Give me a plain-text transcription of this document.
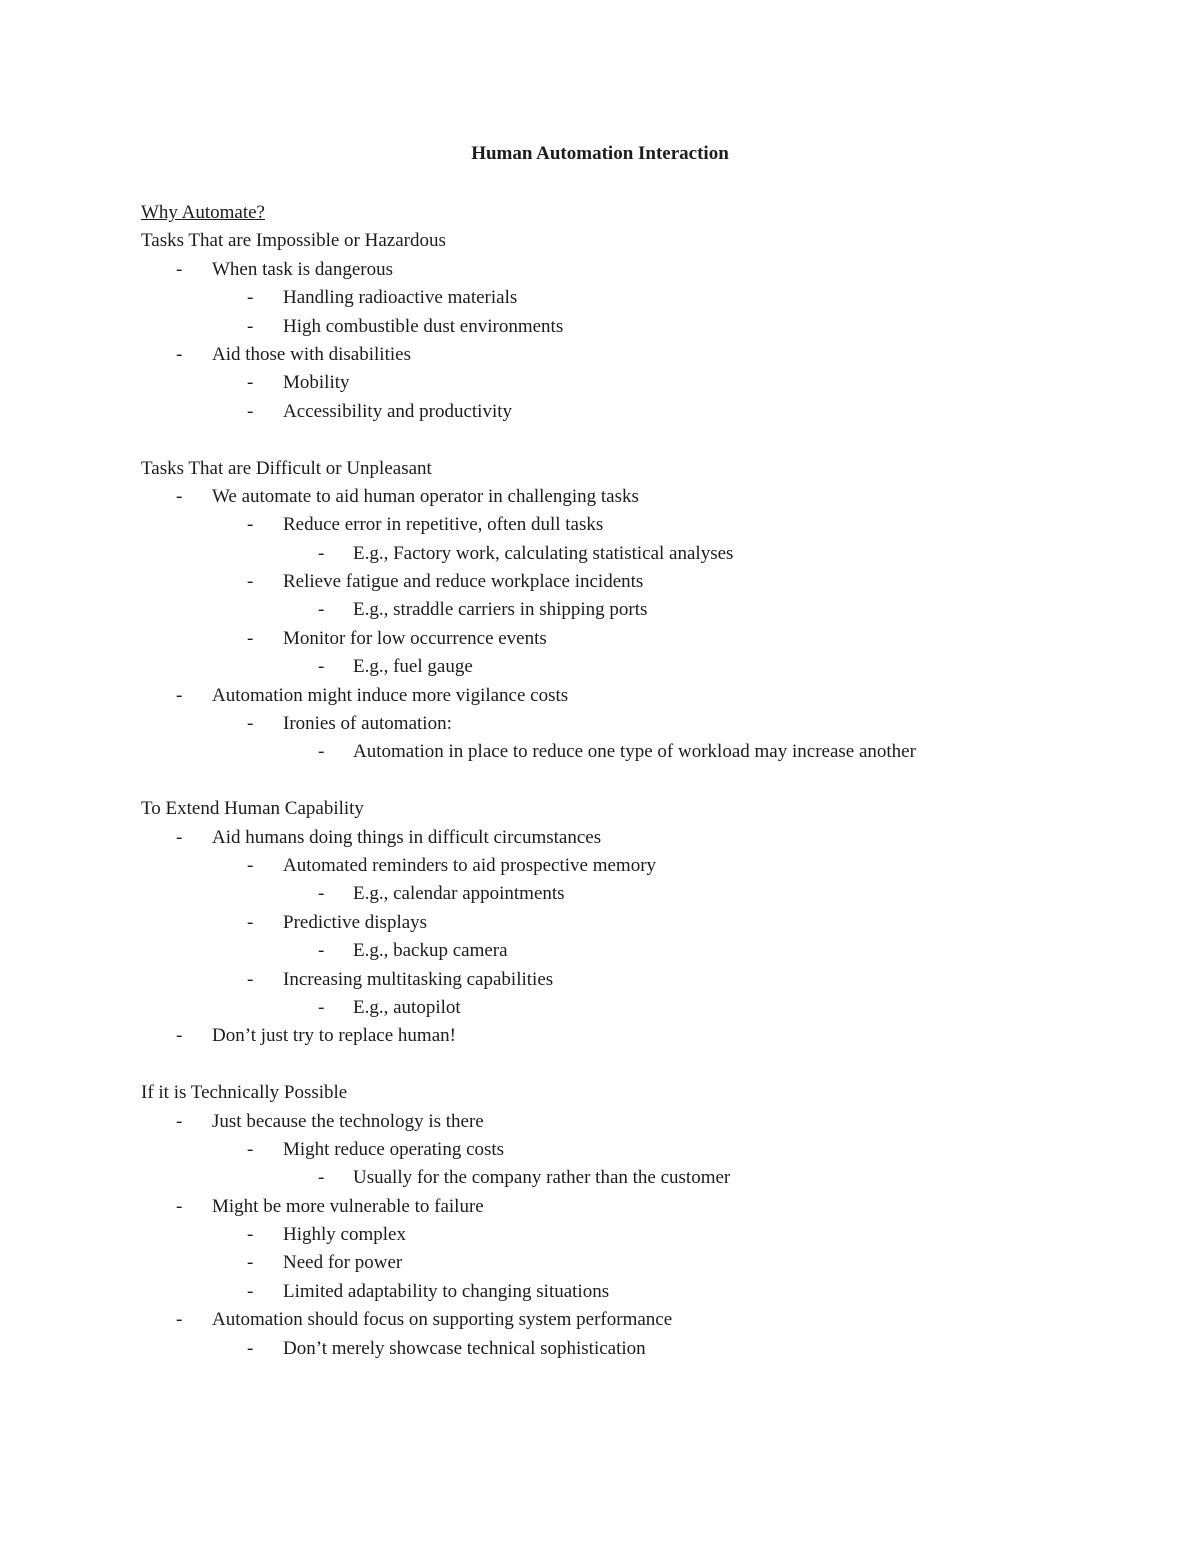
Human Automation Interaction
Why Automate?
Tasks That are Impossible or Hazardous
- When task is dangerous
- Handling radioactive materials
- High combustible dust environments
- Aid those with disabilities
- Mobility
- Accessibility and productivity
Tasks That are Difficult or Unpleasant
- We automate to aid human operator in challenging tasks
- Reduce error in repetitive, often dull tasks
- E.g., Factory work, calculating statistical analyses
- Relieve fatigue and reduce workplace incidents
- E.g., straddle carriers in shipping ports
- Monitor for low occurrence events
- E.g., fuel gauge
- Automation might induce more vigilance costs
- Ironies of automation:
- Automation in place to reduce one type of workload may increase another
To Extend Human Capability
- Aid humans doing things in difficult circumstances
- Automated reminders to aid prospective memory
- E.g., calendar appointments
- Predictive displays
- E.g., backup camera
- Increasing multitasking capabilities
- E.g., autopilot
- Don’t just try to replace human!
If it is Technically Possible
- Just because the technology is there
- Might reduce operating costs
- Usually for the company rather than the customer
- Might be more vulnerable to failure
- Highly complex
- Need for power
- Limited adaptability to changing situations
- Automation should focus on supporting system performance
- Don’t merely showcase technical sophistication
